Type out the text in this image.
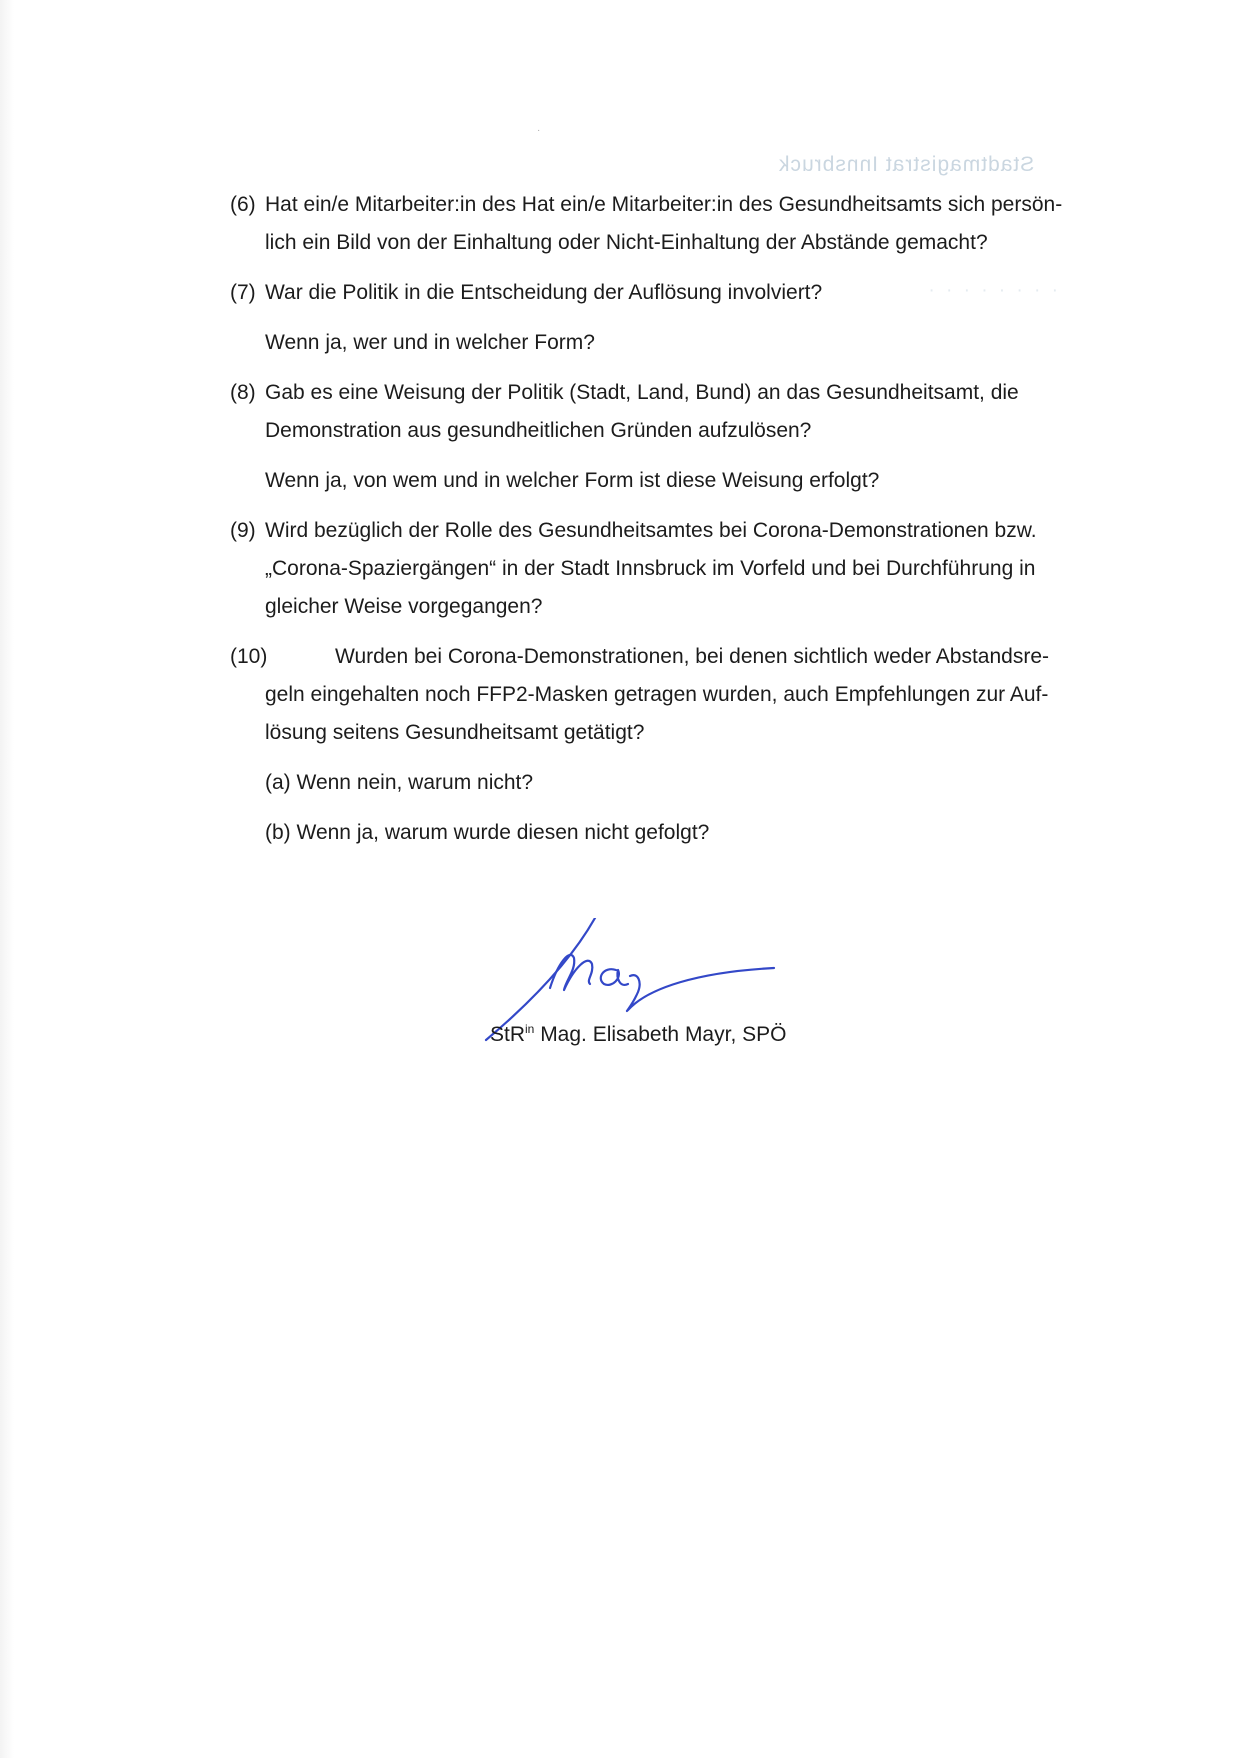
·
Stadtmagistrat Innsbruck
· · · · · · · ·
(6) Hat ein/e Mitarbeiter:in des Hat ein/e Mitarbeiter:in des Gesundheitsamts sich persön-

lich ein Bild von der Einhaltung oder Nicht-Einhaltung der Abstände gemacht?

(7) War die Politik in die Entscheidung der Auflösung involviert?

Wenn ja, wer und in welcher Form?

(8) Gab es eine Weisung der Politik (Stadt, Land, Bund) an das Gesundheitsamt, die

Demonstration aus gesundheitlichen Gründen aufzulösen?

Wenn ja, von wem und in welcher Form ist diese Weisung erfolgt?

(9) Wird bezüglich der Rolle des Gesundheitsamtes bei Corona-Demonstrationen bzw.

„Corona-Spaziergängen“ in der Stadt Innsbruck im Vorfeld und bei Durchführung in

gleicher Weise vorgegangen?

(10)	Wurden bei Corona-Demonstrationen, bei denen sichtlich weder Abstandsre-

geln eingehalten noch FFP2-Masken getragen wurden, auch Empfehlungen zur Auf-

lösung seitens Gesundheitsamt getätigt?

(a) Wenn nein, warum nicht?

(b) Wenn ja, warum wurde diesen nicht gefolgt?

StR$^{in}$ Mag. Elisabeth Mayr, SPÖ
